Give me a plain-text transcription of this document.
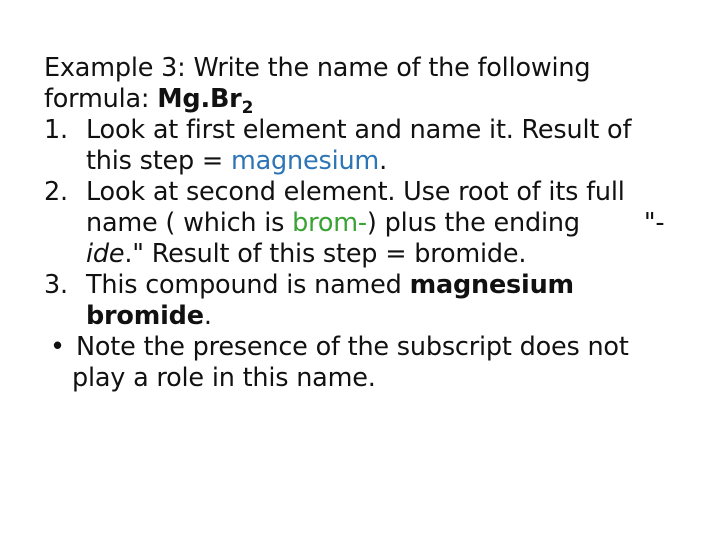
Example 3: Write the name of the following
formula: $Mg.Br_2$
1. Look at first element and name it. Result of
this step = magnesium.
2. Look at second element. Use root of its full
name ( which is brom-) plus the ending	"-
ide." Result of this step = bromide.
3. This compound is named magnesium
bromide.
• Note the presence of the subscript does not
play a role in this name.
